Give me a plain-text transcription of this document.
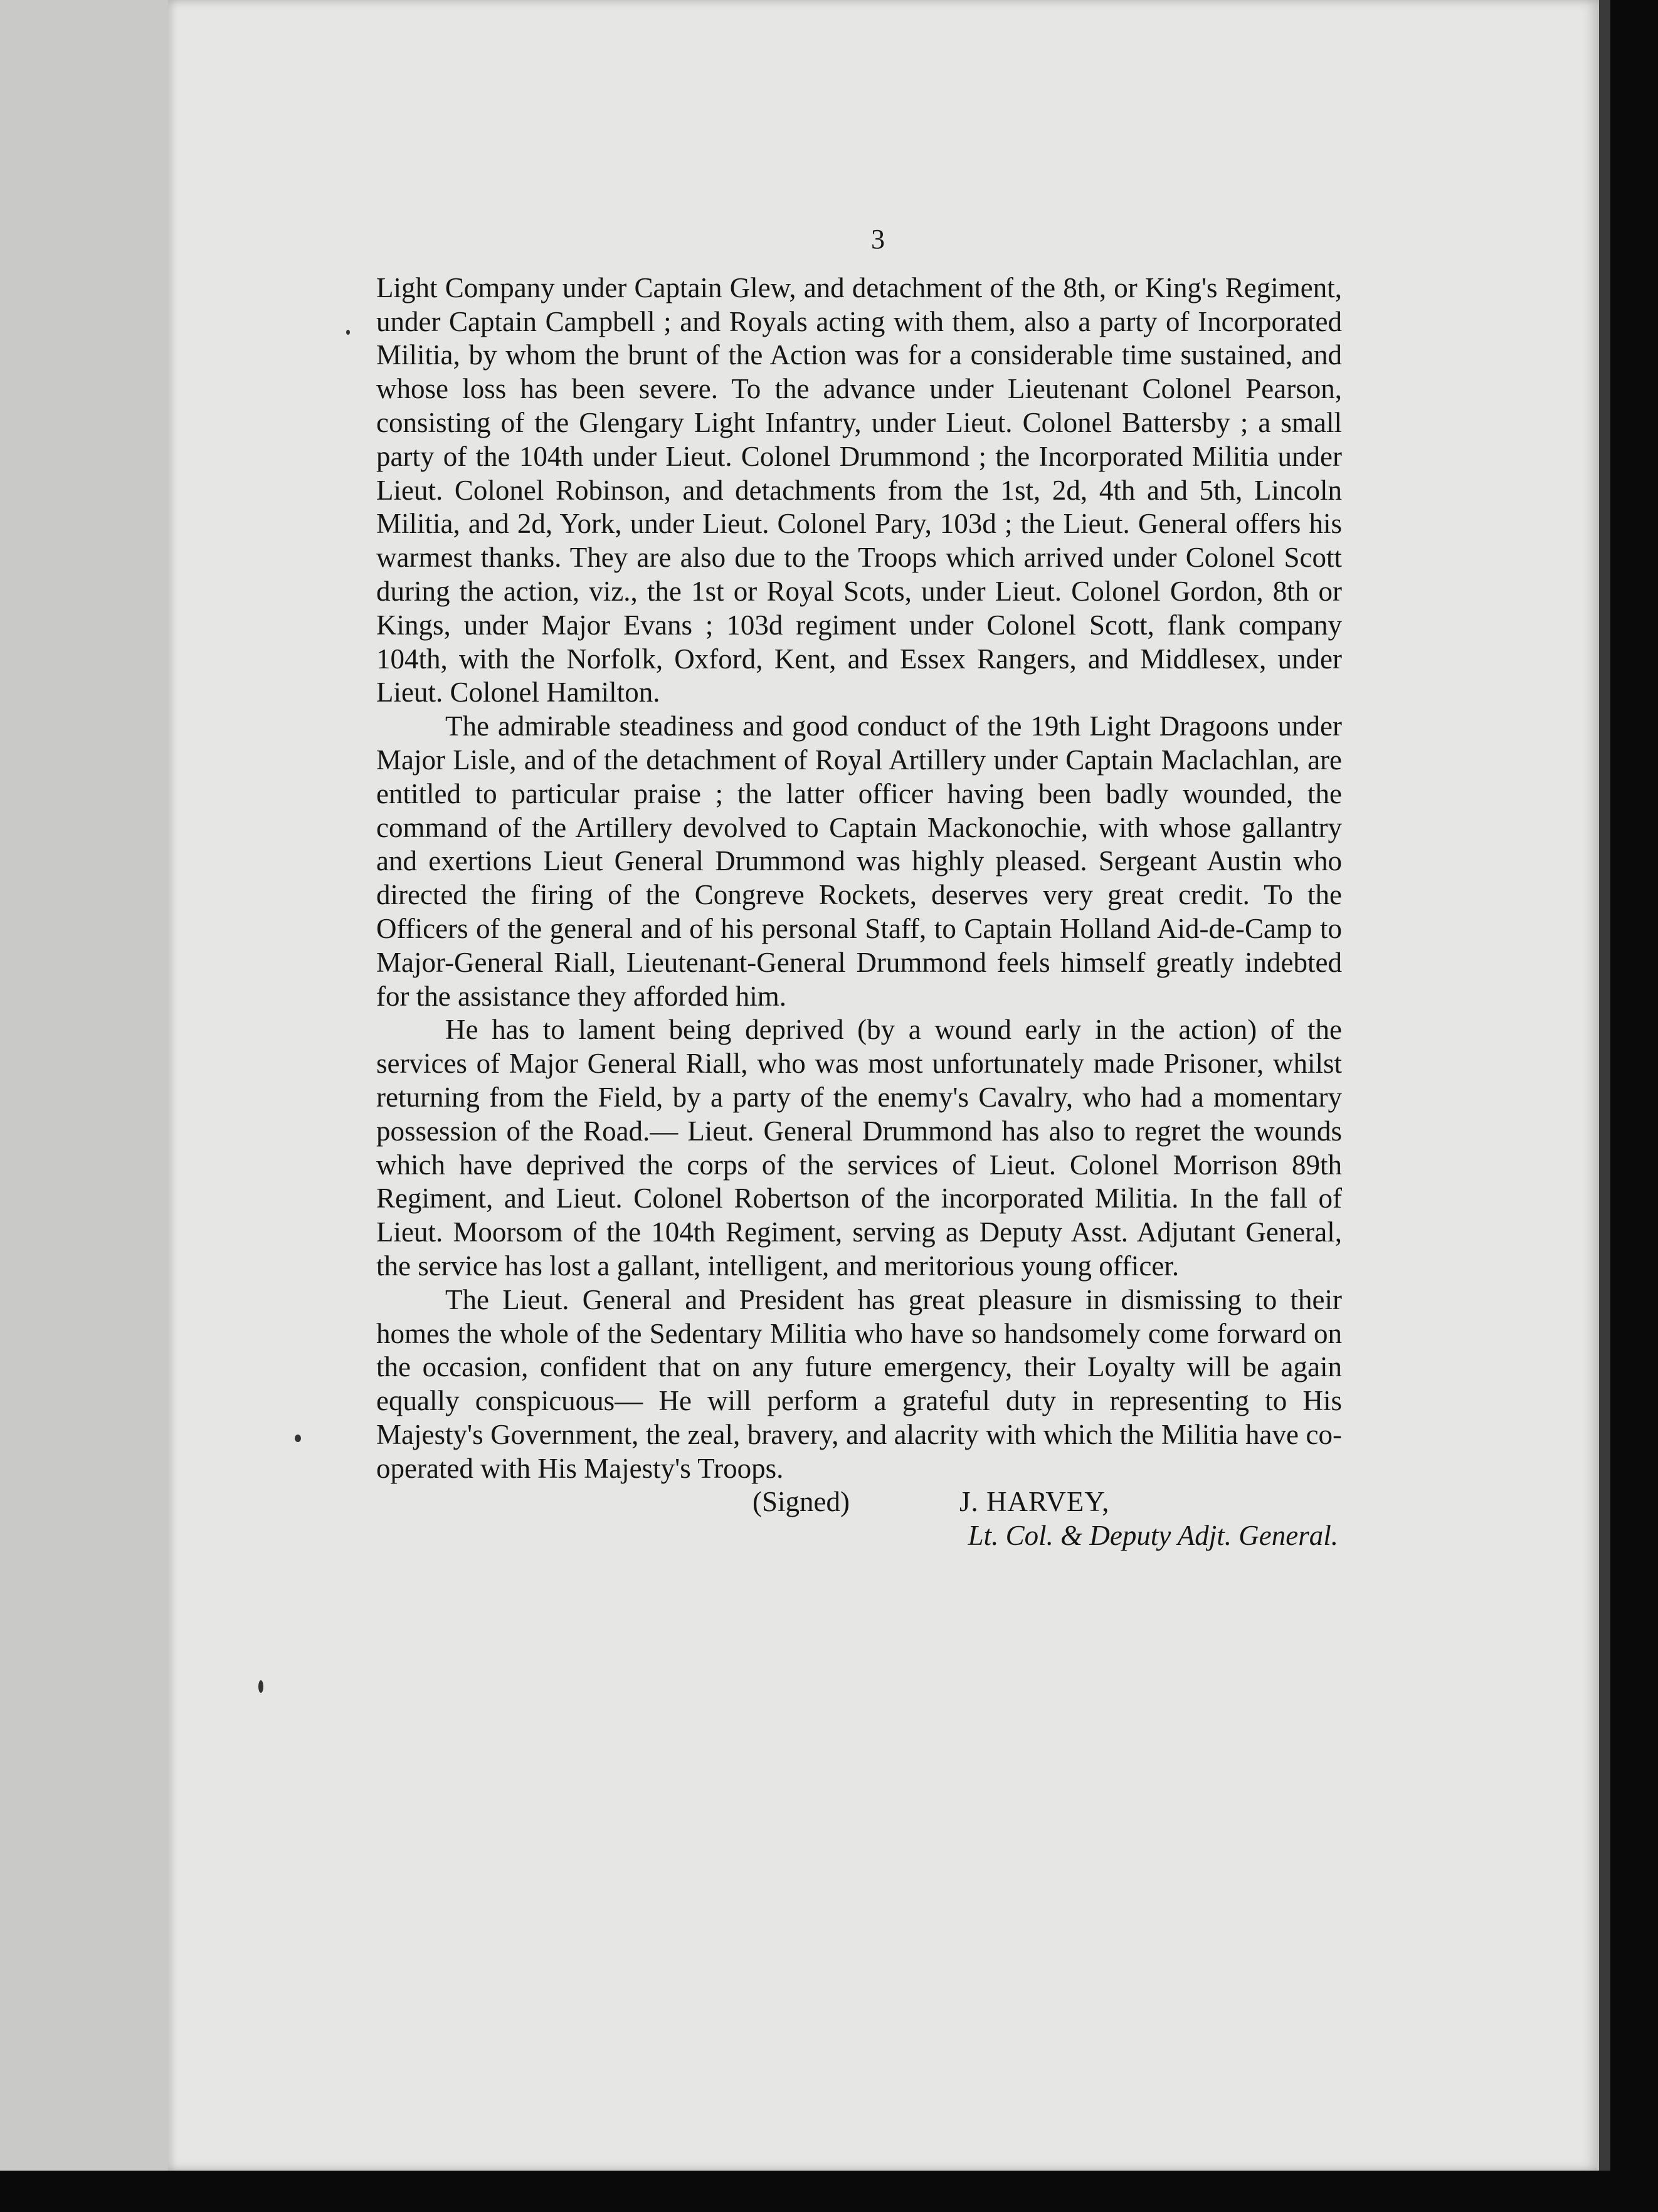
3

Light Company under Captain Glew, and detachment of the 8th, or King's Regiment, under Captain Campbell ; and Royals acting with them, also a party of Incorporated Militia, by whom the brunt of the Action was for a considerable time sustained, and whose loss has been severe. To the advance under Lieutenant Colonel Pearson, consisting of the Glengary Light Infantry, under Lieut. Colonel Battersby ; a small party of the 104th under Lieut. Colonel Drummond ; the Incorporated Militia under Lieut. Colonel Robinson, and detachments from the 1st, 2d, 4th and 5th, Lincoln Militia, and 2d, York, under Lieut. Colonel Pary, 103d ; the Lieut. General offers his warmest thanks. They are also due to the Troops which arrived under Colonel Scott during the action, viz., the 1st or Royal Scots, under Lieut. Colonel Gordon, 8th or Kings, under Major Evans ; 103d regiment under Colonel Scott, flank company 104th, with the Norfolk, Oxford, Kent, and Essex Rangers, and Middlesex, under Lieut. Colonel Hamilton.

The admirable steadiness and good conduct of the 19th Light Dragoons under Major Lisle, and of the detachment of Royal Artillery under Captain Maclachlan, are entitled to particular praise ; the latter officer having been badly wounded, the command of the Artillery devolved to Captain Mackonochie, with whose gallantry and exertions Lieut General Drummond was highly pleased. Sergeant Austin who directed the firing of the Congreve Rockets, deserves very great credit. To the Officers of the general and of his personal Staff, to Captain Holland Aid-de-Camp to Major-General Riall, Lieutenant-General Drummond feels himself greatly indebted for the assistance they afforded him.

He has to lament being deprived (by a wound early in the action) of the services of Major General Riall, who was most unfortunately made Prisoner, whilst returning from the Field, by a party of the enemy's Cavalry, who had a momentary possession of the Road.— Lieut. General Drummond has also to regret the wounds which have deprived the corps of the services of Lieut. Colonel Morrison 89th Regiment, and Lieut. Colonel Robertson of the incorporated Militia. In the fall of Lieut. Moorsom of the 104th Regiment, serving as Deputy Asst. Adjutant General, the service has lost a gallant, intelligent, and meritorious young officer.

The Lieut. General and President has great pleasure in dismissing to their homes the whole of the Sedentary Militia who have so handsomely come forward on the occasion, confident that on any future emergency, their Loyalty will be again equally conspicuous— He will perform a grateful duty in representing to His Majesty's Government, the zeal, bravery, and alacrity with which the Militia have co-operated with His Majesty's Troops.

(Signed)	J. HARVEY,
Lt. Col. & Deputy Adjt. General.
